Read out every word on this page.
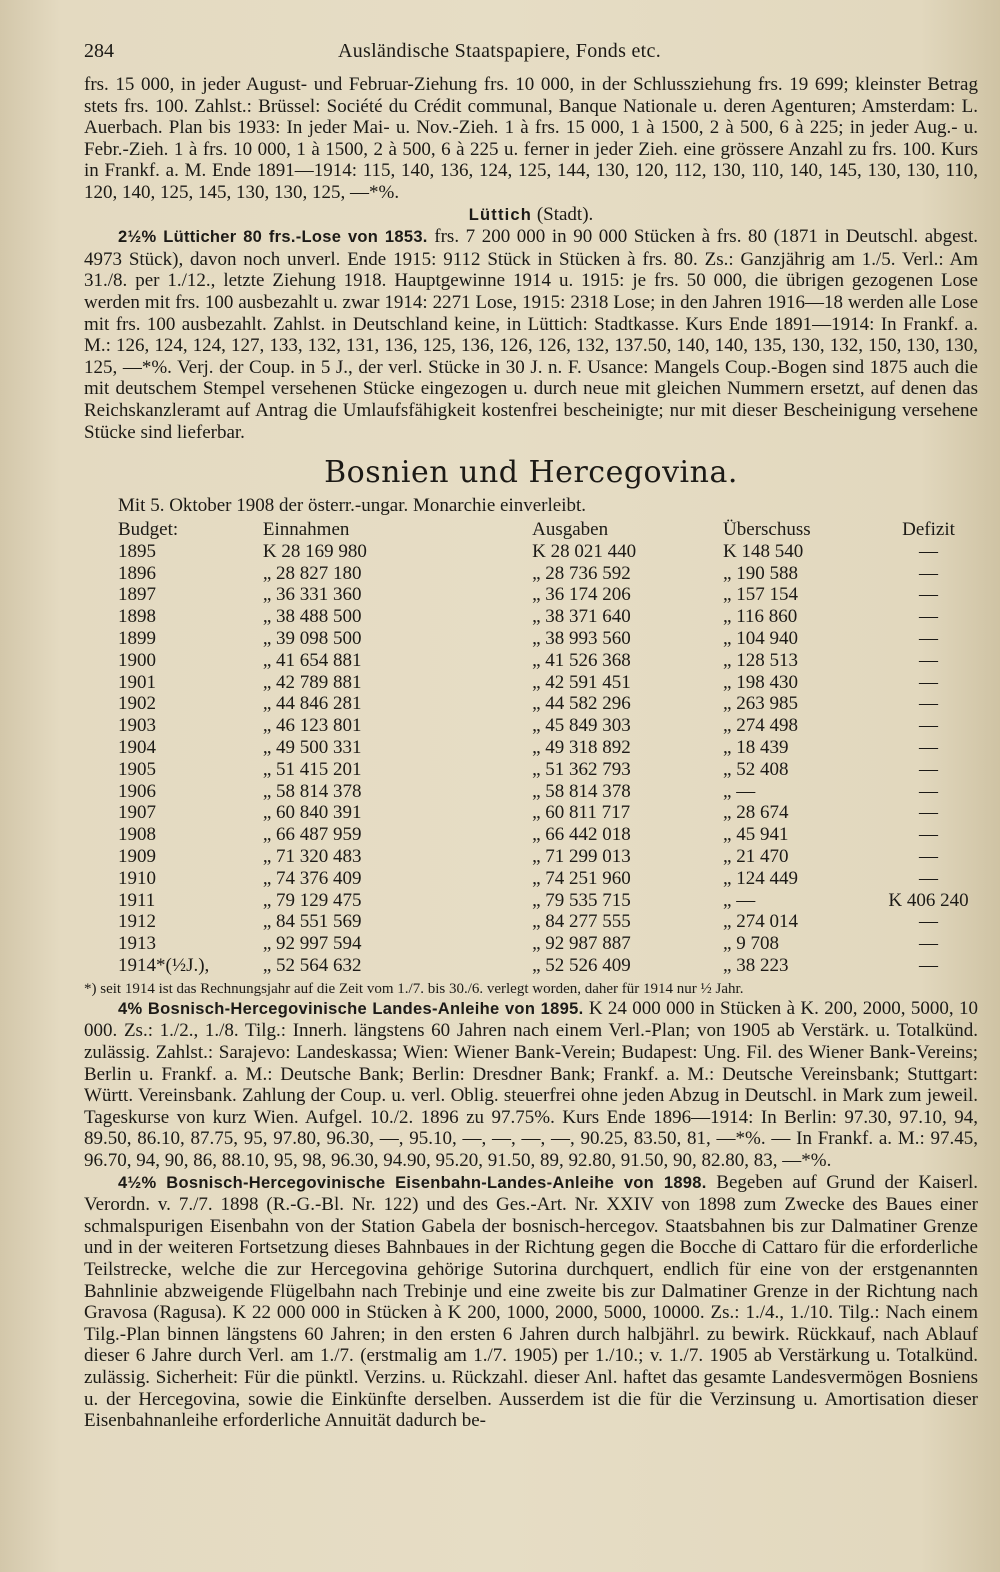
284	Ausländische Staatspapiere, Fonds etc.

frs. 15 000, in jeder August- und Februar-Ziehung frs. 10 000, in der Schlussziehung frs. 19 699; kleinster Betrag stets frs. 100. Zahlst.: Brüssel: Société du Crédit communal, Banque Nationale u. deren Agenturen; Amsterdam: L. Auerbach. Plan bis 1933: In jeder Mai- u. Nov.-Zieh. 1 à frs. 15 000, 1 à 1500, 2 à 500, 6 à 225; in jeder Aug.- u. Febr.-Zieh. 1 à frs. 10 000, 1 à 1500, 2 à 500, 6 à 225 u. ferner in jeder Zieh. eine grössere Anzahl zu frs. 100. Kurs in Frankf. a. M. Ende 1891—1914: 115, 140, 136, 124, 125, 144, 130, 120, 112, 130, 110, 140, 145, 130, 130, 110, 120, 140, 125, 145, 130, 130, 125, —*%.

Lüttich (Stadt).

2½% Lütticher 80 frs.-Lose von 1853. frs. 7 200 000 in 90 000 Stücken à frs. 80 (1871 in Deutschl. abgest. 4973 Stück), davon noch unverl. Ende 1915: 9112 Stück in Stücken à frs. 80. Zs.: Ganzjährig am 1./5. Verl.: Am 31./8. per 1./12., letzte Ziehung 1918. Hauptgewinne 1914 u. 1915: je frs. 50 000, die übrigen gezogenen Lose werden mit frs. 100 ausbezahlt u. zwar 1914: 2271 Lose, 1915: 2318 Lose; in den Jahren 1916—18 werden alle Lose mit frs. 100 ausbezahlt. Zahlst. in Deutschland keine, in Lüttich: Stadtkasse. Kurs Ende 1891—1914: In Frankf. a. M.: 126, 124, 124, 127, 133, 132, 131, 136, 125, 136, 126, 126, 132, 137.50, 140, 140, 135, 130, 132, 150, 130, 130, 125, —*%. Verj. der Coup. in 5 J., der verl. Stücke in 30 J. n. F. Usance: Mangels Coup.-Bogen sind 1875 auch die mit deutschem Stempel versehenen Stücke eingezogen u. durch neue mit gleichen Nummern ersetzt, auf denen das Reichskanzleramt auf Antrag die Umlaufsfähigkeit kostenfrei bescheinigte; nur mit dieser Bescheinigung versehene Stücke sind lieferbar.

Bosnien und Hercegovina.
Mit 5. Oktober 1908 der österr.-ungar. Monarchie einverleibt.
Budget:	Einnahmen	Ausgaben	Überschuss	Defizit
1895	K 28 169 980	K 28 021 440	K 148 540	—
1896	„ 28 827 180	„ 28 736 592	„ 190 588	—
1897	„ 36 331 360	„ 36 174 206	„ 157 154	—
1898	„ 38 488 500	„ 38 371 640	„ 116 860	—
1899	„ 39 098 500	„ 38 993 560	„ 104 940	—
1900	„ 41 654 881	„ 41 526 368	„ 128 513	—
1901	„ 42 789 881	„ 42 591 451	„ 198 430	—
1902	„ 44 846 281	„ 44 582 296	„ 263 985	—
1903	„ 46 123 801	„ 45 849 303	„ 274 498	—
1904	„ 49 500 331	„ 49 318 892	„ 18 439	—
1905	„ 51 415 201	„ 51 362 793	„ 52 408	—
1906	„ 58 814 378	„ 58 814 378	„ —	—
1907	„ 60 840 391	„ 60 811 717	„ 28 674	—
1908	„ 66 487 959	„ 66 442 018	„ 45 941	—
1909	„ 71 320 483	„ 71 299 013	„ 21 470	—
1910	„ 74 376 409	„ 74 251 960	„ 124 449	—
1911	„ 79 129 475	„ 79 535 715	„ —	K 406 240
1912	„ 84 551 569	„ 84 277 555	„ 274 014	—
1913	„ 92 997 594	„ 92 987 887	„ 9 708	—
1914*(½J.),	„ 52 564 632	„ 52 526 409	„ 38 223	—

*) seit 1914 ist das Rechnungsjahr auf die Zeit vom 1./7. bis 30./6. verlegt worden, daher für 1914 nur ½ Jahr.

4% Bosnisch-Hercegovinische Landes-Anleihe von 1895. K 24 000 000 in Stücken à K. 200, 2000, 5000, 10 000. Zs.: 1./2., 1./8. Tilg.: Innerh. längstens 60 Jahren nach einem Verl.-Plan; von 1905 ab Verstärk. u. Totalkünd. zulässig. Zahlst.: Sarajevo: Landeskassa; Wien: Wiener Bank-Verein; Budapest: Ung. Fil. des Wiener Bank-Vereins; Berlin u. Frankf. a. M.: Deutsche Bank; Berlin: Dresdner Bank; Frankf. a. M.: Deutsche Vereinsbank; Stuttgart: Württ. Vereinsbank. Zahlung der Coup. u. verl. Oblig. steuerfrei ohne jeden Abzug in Deutschl. in Mark zum jeweil. Tageskurse von kurz Wien. Aufgel. 10./2. 1896 zu 97.75%. Kurs Ende 1896—1914: In Berlin: 97.30, 97.10, 94, 89.50, 86.10, 87.75, 95, 97.80, 96.30, —, 95.10, —, —, —, —, 90.25, 83.50, 81, —*%. — In Frankf. a. M.: 97.45, 96.70, 94, 90, 86, 88.10, 95, 98, 96.30, 94.90, 95.20, 91.50, 89, 92.80, 91.50, 90, 82.80, 83, —*%.

4½% Bosnisch-Hercegovinische Eisenbahn-Landes-Anleihe von 1898. Begeben auf Grund der Kaiserl. Verordn. v. 7./7. 1898 (R.-G.-Bl. Nr. 122) und des Ges.-Art. Nr. XXIV von 1898 zum Zwecke des Baues einer schmalspurigen Eisenbahn von der Station Gabela der bosnisch-hercegov. Staatsbahnen bis zur Dalmatiner Grenze und in der weiteren Fortsetzung dieses Bahnbaues in der Richtung gegen die Bocche di Cattaro für die erforderliche Teilstrecke, welche die zur Hercegovina gehörige Sutorina durchquert, endlich für eine von der erstgenannten Bahnlinie abzweigende Flügelbahn nach Trebinje und eine zweite bis zur Dalmatiner Grenze in der Richtung nach Gravosa (Ragusa). K 22 000 000 in Stücken à K 200, 1000, 2000, 5000, 10000. Zs.: 1./4., 1./10. Tilg.: Nach einem Tilg.-Plan binnen längstens 60 Jahren; in den ersten 6 Jahren durch halbjährl. zu bewirk. Rückkauf, nach Ablauf dieser 6 Jahre durch Verl. am 1./7. (erstmalig am 1./7. 1905) per 1./10.; v. 1./7. 1905 ab Verstärkung u. Totalkünd. zulässig. Sicherheit: Für die pünktl. Verzins. u. Rückzahl. dieser Anl. haftet das gesamte Landesvermögen Bosniens u. der Hercegovina, sowie die Einkünfte derselben. Ausserdem ist die für die Verzinsung u. Amortisation dieser Eisenbahnanleihe erforderliche Annuität dadurch be-
